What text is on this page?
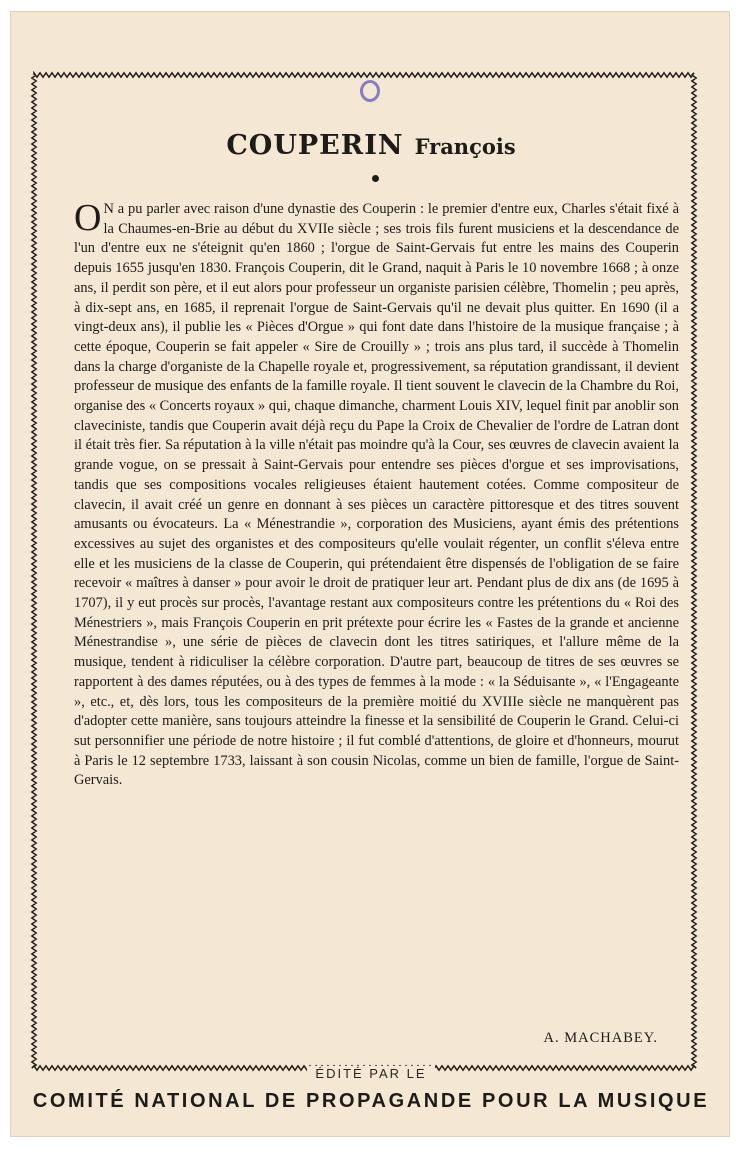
COUPERIN François

O N a pu parler avec raison d'une dynastie des Couperin : le premier d'entre eux, Charles s'était fixé à la Chaumes-en-Brie au début du XVIIe siècle ; ses trois fils furent musiciens et la descendance de l'un d'entre eux ne s'éteignit qu'en 1860 ; l'orgue de Saint-Gervais fut entre les mains des Couperin depuis 1655 jusqu'en 1830. François Couperin, dit le Grand, naquit à Paris le 10 novembre 1668 ; à onze ans, il perdit son père, et il eut alors pour professeur un organiste parisien célèbre, Thomelin ; peu après, à dix-sept ans, en 1685, il reprenait l'orgue de Saint-Gervais qu'il ne devait plus quitter. En 1690 (il a vingt-deux ans), il publie les « Pièces d'Orgue » qui font date dans l'histoire de la musique française ; à cette époque, Couperin se fait appeler « Sire de Crouilly » ; trois ans plus tard, il succède à Thomelin dans la charge d'organiste de la Chapelle royale et, progressivement, sa réputation grandissant, il devient professeur de musique des enfants de la famille royale. Il tient souvent le clavecin de la Chambre du Roi, organise des « Concerts royaux » qui, chaque dimanche, charment Louis XIV, lequel finit par anoblir son claveciniste, tandis que Couperin avait déjà reçu du Pape la Croix de Chevalier de l'ordre de Latran dont il était très fier. Sa réputation à la ville n'était pas moindre qu'à la Cour, ses œuvres de clavecin avaient la grande vogue, on se pressait à Saint-Gervais pour entendre ses pièces d'orgue et ses improvisations, tandis que ses compositions vocales religieuses étaient hautement cotées. Comme compositeur de clavecin, il avait créé un genre en donnant à ses pièces un caractère pittoresque et des titres souvent amusants ou évocateurs. La « Ménestrandie », corporation des Musiciens, ayant émis des prétentions excessives au sujet des organistes et des compositeurs qu'elle voulait régenter, un conflit s'éleva entre elle et les musiciens de la classe de Couperin, qui prétendaient être dispensés de l'obligation de se faire recevoir « maîtres à danser » pour avoir le droit de pratiquer leur art. Pendant plus de dix ans (de 1695 à 1707), il y eut procès sur procès, l'avantage restant aux compositeurs contre les prétentions du « Roi des Ménestriers », mais François Couperin en prit prétexte pour écrire les « Fastes de la grande et ancienne Ménestrandise », une série de pièces de clavecin dont les titres satiriques, et l'allure même de la musique, tendent à ridiculiser la célèbre corporation. D'autre part, beaucoup de titres de ses œuvres se rapportent à des dames réputées, ou à des types de femmes à la mode : « la Séduisante », « l'Engageante », etc., et, dès lors, tous les compositeurs de la première moitié du XVIIIe siècle ne manquèrent pas d'adopter cette manière, sans toujours atteindre la finesse et la sensibilité de Couperin le Grand. Celui-ci sut personnifier une période de notre histoire ; il fut comblé d'attentions, de gloire et d'honneurs, mourut à Paris le 12 septembre 1733, laissant à son cousin Nicolas, comme un bien de famille, l'orgue de Saint-Gervais.

A. MACHABEY.
ÉDITÉ PAR LE
COMITÉ NATIONAL DE PROPAGANDE POUR LA MUSIQUE
